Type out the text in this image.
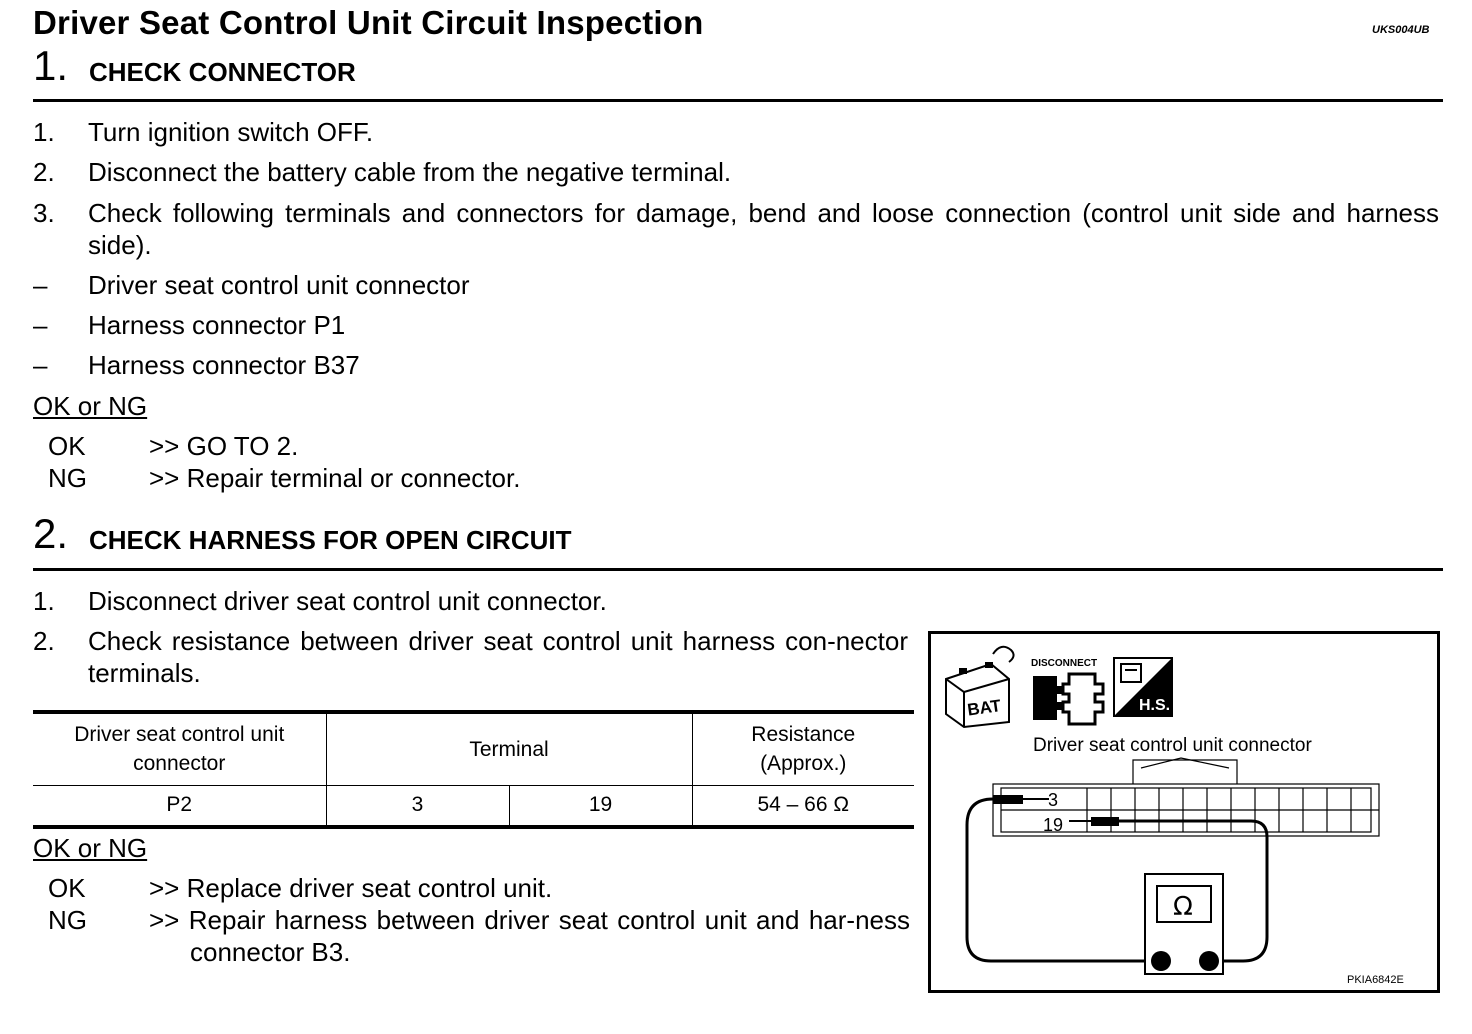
Driver Seat Control Unit Circuit Inspection	UKS004UB
1. CHECK CONNECTOR
1.	Turn ignition switch OFF.
2.	Disconnect the battery cable from the negative terminal.
3.	Check following terminals and connectors for damage, bend and loose connection (control unit side and harness side).
–	Driver seat control unit connector
–	Harness connector P1
–	Harness connector B37
OK or NG
OK >> GO TO 2.
NG >> Repair terminal or connector.
2. CHECK HARNESS FOR OPEN CIRCUIT
1.	Disconnect driver seat control unit connector.
2.	Check resistance between driver seat control unit harness con-nector terminals.
Driver seat control unit connector	Terminal		Resistance (Approx.)
P2	3	19	54 – 66 Ω
OK or NG
OK >> Replace driver seat control unit.
NG >> Repair harness between driver seat control unit and har-ness connector B3.
BAT
DISCONNECT
H.S.
Driver seat control unit connector
3
19
Ω
PKIA6842E
